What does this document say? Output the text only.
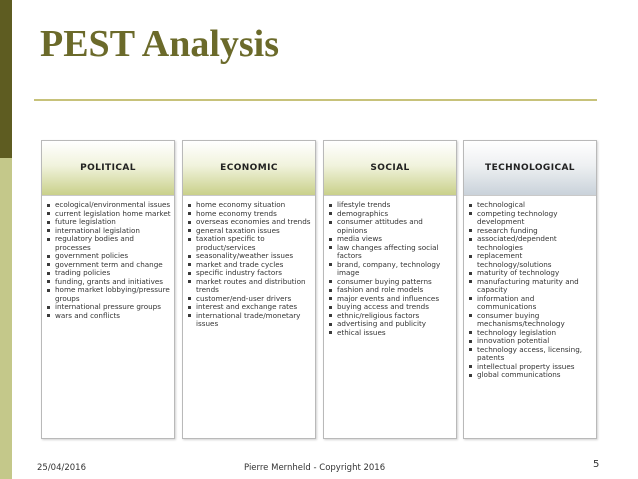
PEST Analysis
POLITICAL
ecological/environmental issues
current legislation home market
future legislation
international legislation
regulatory bodies and processes
government policies
government term and change
trading policies
funding, grants and initiatives
home market lobbying/pressure groups
international pressure groups
wars and conflicts
ECONOMIC
home economy situation
home economy trends
overseas economies and trends
general taxation issues
taxation specific to product/services
seasonality/weather issues
market and trade cycles
specific industry factors
market routes and distribution trends
customer/end-user drivers
interest and exchange rates
international trade/monetary issues
SOCIAL
lifestyle trends
demographics
consumer attitudes and opinions
media views
law changes affecting social factors
brand, company, technology image
consumer buying patterns
fashion and role models
major events and influences
buying access and trends
ethnic/religious factors
advertising and publicity
ethical issues
TECHNOLOGICAL
technological
competing technology development
research funding
associated/dependent technologies
replacement technology/solutions
maturity of technology
manufacturing maturity and capacity
information and communications
consumer buying mechanisms/technology
technology legislation
innovation potential
technology access, licensing, patents
intellectual property issues
global communications
25/04/2016	Pierre Mernheld - Copyright 2016	5
